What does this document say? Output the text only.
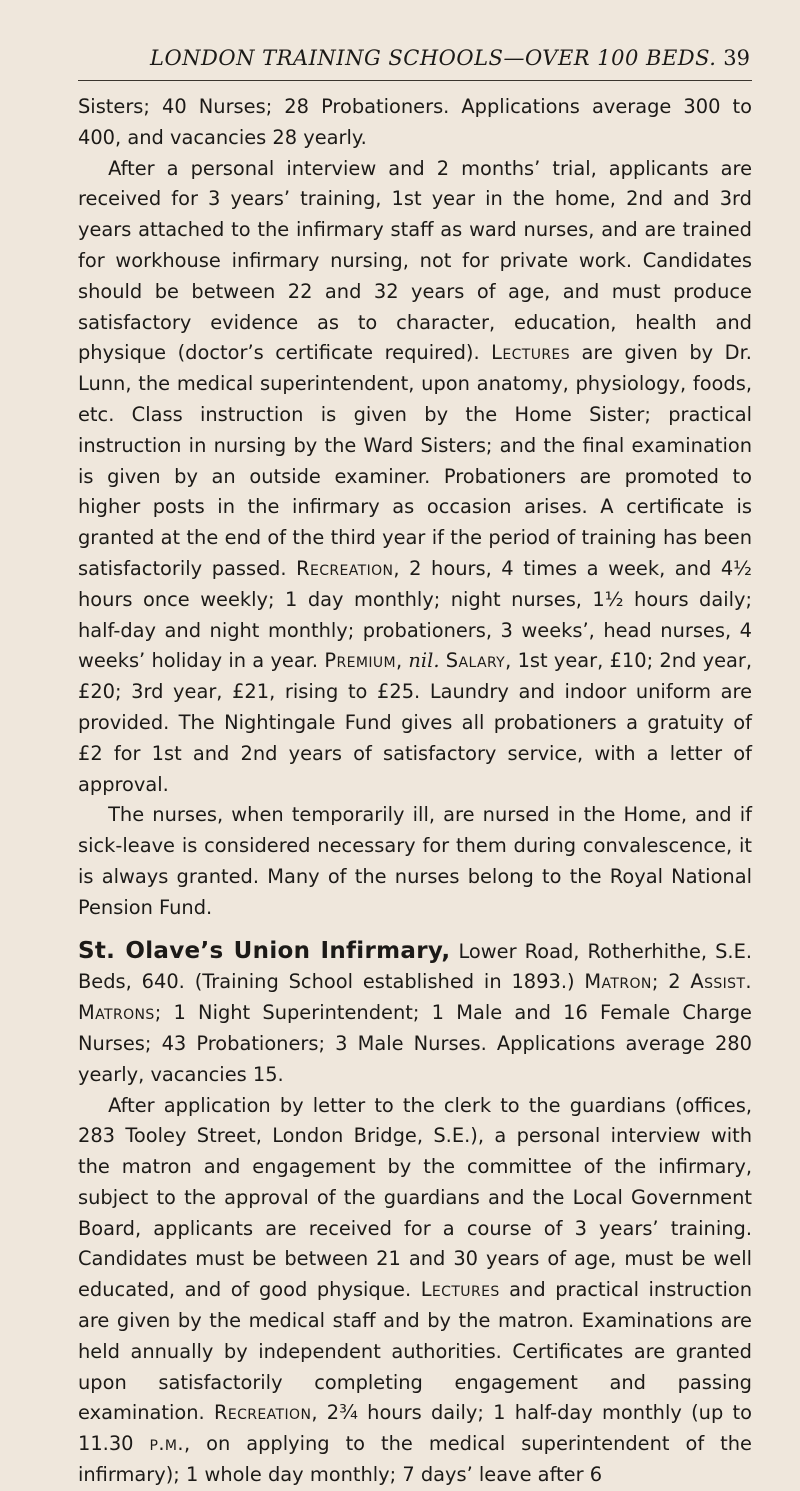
LONDON TRAINING SCHOOLS—OVER 100 BEDS. 39

Sisters; 40 Nurses; 28 Probationers. Applications average 300 to 400, and vacancies 28 yearly.

After a personal interview and 2 months’ trial, applicants are received for 3 years’ training, 1st year in the home, 2nd and 3rd years attached to the infirmary staff as ward nurses, and are trained for workhouse infirmary nursing, not for private work. Candidates should be between 22 and 32 years of age, and must produce satisfactory evidence as to character, education, health and physique (doctor’s certificate required). Lectures are given by Dr. Lunn, the medical superintendent, upon anatomy, physiology, foods, etc. Class instruction is given by the Home Sister; practical instruction in nursing by the Ward Sisters; and the final examination is given by an outside examiner. Probationers are promoted to higher posts in the infirmary as occasion arises. A certificate is granted at the end of the third year if the period of training has been satisfactorily passed. Recreation, 2 hours, 4 times a week, and 4½ hours once weekly; 1 day monthly; night nurses, 1½ hours daily; half-day and night monthly; probationers, 3 weeks’, head nurses, 4 weeks’ holiday in a year. Premium, nil. Salary, 1st year, £10; 2nd year, £20; 3rd year, £21, rising to £25. Laundry and indoor uniform are provided. The Nightingale Fund gives all probationers a gratuity of £2 for 1st and 2nd years of satisfactory service, with a letter of approval.

The nurses, when temporarily ill, are nursed in the Home, and if sick-leave is considered necessary for them during convalescence, it is always granted. Many of the nurses belong to the Royal National Pension Fund.

St. Olave’s Union Infirmary, Lower Road, Rotherhithe, S.E. Beds, 640. (Training School established in 1893.) Matron; 2 Assist. Matrons; 1 Night Superintendent; 1 Male and 16 Female Charge Nurses; 43 Probationers; 3 Male Nurses. Applications average 280 yearly, vacancies 15.

After application by letter to the clerk to the guardians (offices, 283 Tooley Street, London Bridge, S.E.), a personal interview with the matron and engagement by the committee of the infirmary, subject to the approval of the guardians and the Local Government Board, applicants are received for a course of 3 years’ training. Candidates must be between 21 and 30 years of age, must be well educated, and of good physique. Lectures and practical instruction are given by the medical staff and by the matron. Examinations are held annually by independent authorities. Certificates are granted upon satisfactorily completing engagement and passing examination. Recreation, 2¾ hours daily; 1 half-day monthly (up to 11.30 p.m., on applying to the medical superintendent of the infirmary); 1 whole day monthly; 7 days’ leave after 6
